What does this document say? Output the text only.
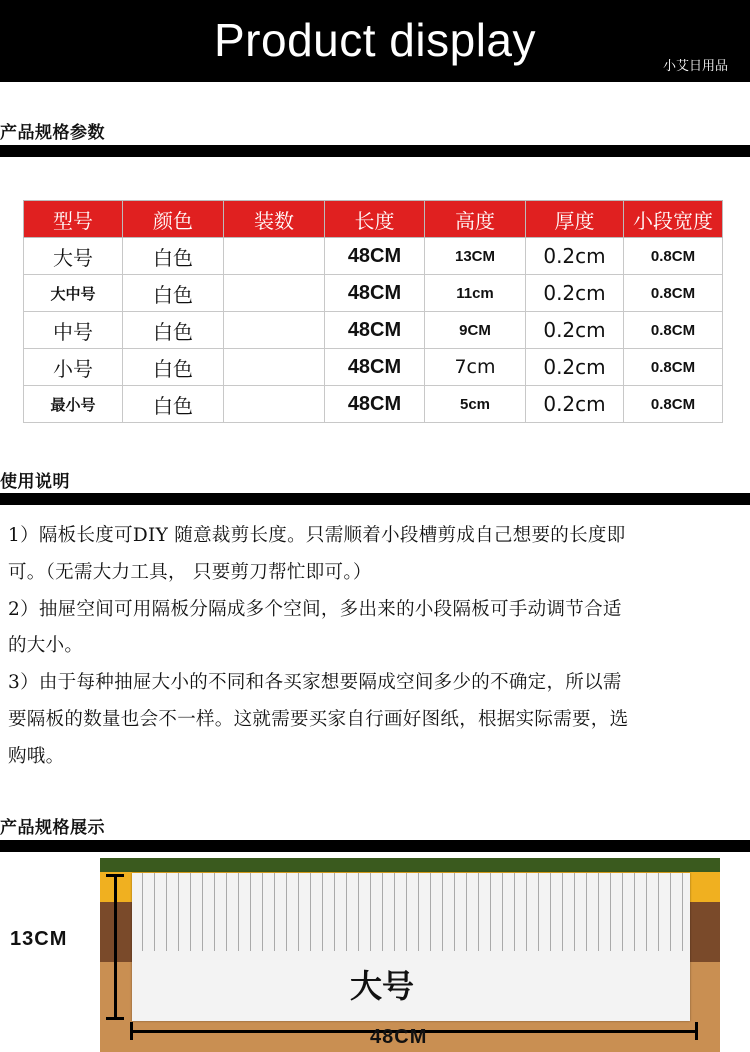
Product display
小艾日用品
产品规格参数
型号	颜色	装数	长度	高度	厚度	小段宽度
大号	白色		48CM	13CM	0.2cm	0.8CM
大中号	白色		48CM	11cm	0.2cm	0.8CM
中号	白色		48CM	9CM	0.2cm	0.8CM
小号	白色		48CM	7cm	0.2cm	0.8CM
最小号	白色		48CM	5cm	0.2cm	0.8CM
使用说明

1）隔板长度可DIY 随意裁剪长度。只需顺着小段槽剪成自己想要的长度即

可。（无需大力工具， 只要剪刀帮忙即可。）

2）抽屉空间可用隔板分隔成多个空间，多出来的小段隔板可手动调节合适

的大小。

3）由于每种抽屉大小的不同和各买家想要隔成空间多少的不确定，所以需

要隔板的数量也会不一样。这就需要买家自行画好图纸，根据实际需要，选

购哦。

产品规格展示
大号
13CM
48CM
